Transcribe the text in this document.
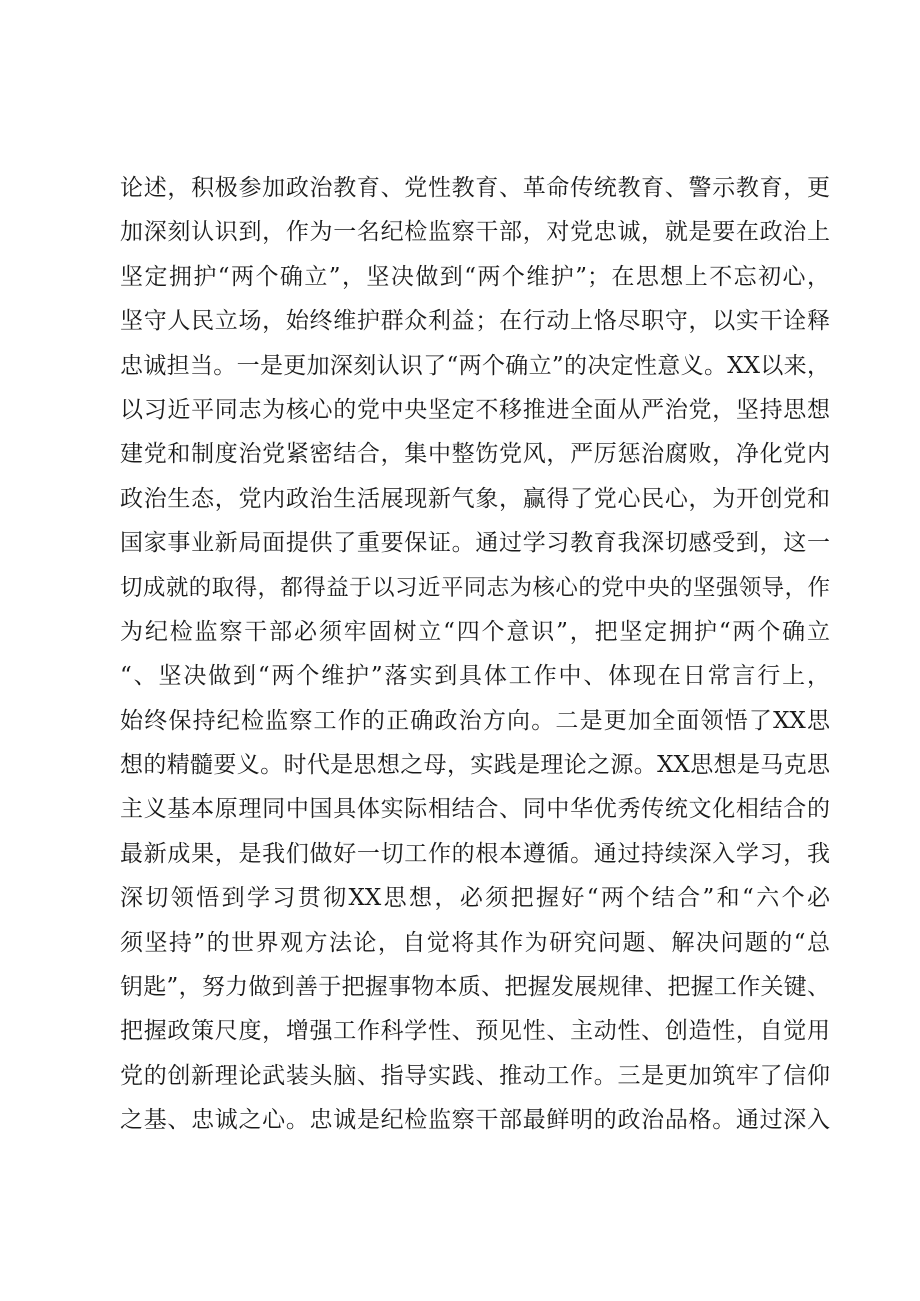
论述，积极参加政治教育、党性教育、革命传统教育、警示教育，更
加深刻认识到，作为一名纪检监察干部，对党忠诚，就是要在政治上
坚定拥护“两个确立”，坚决做到“两个维护”；在思想上不忘初心，
坚守人民立场，始终维护群众利益；在行动上恪尽职守，以实干诠释
忠诚担当。一是更加深刻认识了“两个确立”的决定性意义。XX以来，
以习近平同志为核心的党中央坚定不移推进全面从严治党，坚持思想
建党和制度治党紧密结合，集中整饬党风，严厉惩治腐败，净化党内
政治生态，党内政治生活展现新气象，赢得了党心民心，为开创党和
国家事业新局面提供了重要保证。通过学习教育我深切感受到，这一
切成就的取得，都得益于以习近平同志为核心的党中央的坚强领导，作
为纪检监察干部必须牢固树立“四个意识”，把坚定拥护“两个确立
“、坚决做到“两个维护”落实到具体工作中、体现在日常言行上，
始终保持纪检监察工作的正确政治方向。二是更加全面领悟了XX思
想的精髓要义。时代是思想之母，实践是理论之源。XX思想是马克思
主义基本原理同中国具体实际相结合、同中华优秀传统文化相结合的
最新成果，是我们做好一切工作的根本遵循。通过持续深入学习，我
深切领悟到学习贯彻XX思想，必须把握好“两个结合”和“六个必
须坚持”的世界观方法论，自觉将其作为研究问题、解决问题的“总
钥匙”，努力做到善于把握事物本质、把握发展规律、把握工作关键、
把握政策尺度，增强工作科学性、预见性、主动性、创造性，自觉用
党的创新理论武装头脑、指导实践、推动工作。三是更加筑牢了信仰
之基、忠诚之心。忠诚是纪检监察干部最鲜明的政治品格。通过深入
